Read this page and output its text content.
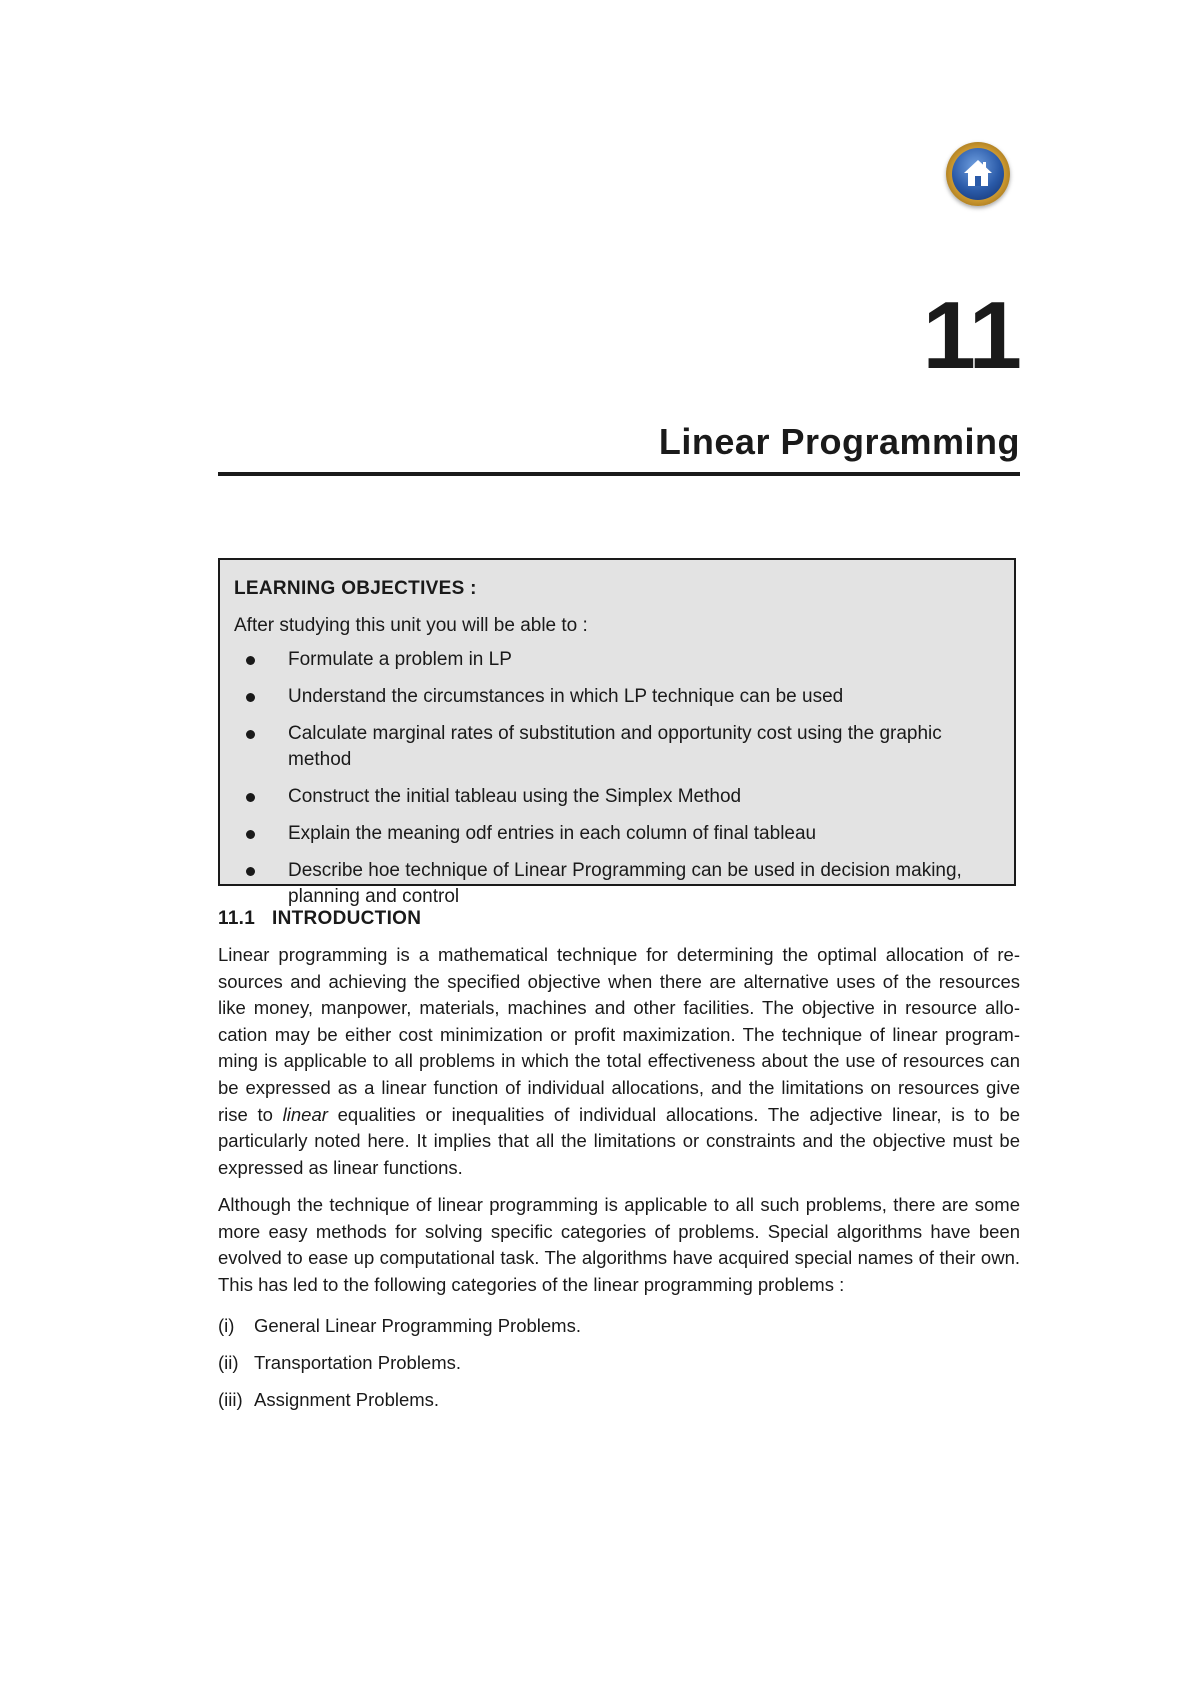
11
Linear Programming
LEARNING OBJECTIVES :
After studying this unit you will be able to :
Formulate a problem in LP
Understand the circumstances in which LP technique can be used
Calculate marginal rates of substitution and opportunity cost using the graphic method
Construct the initial tableau using the Simplex Method
Explain the meaning odf entries in each column of final tableau
Describe hoe technique of Linear Programming can be used in decision making, planning and control
11.1 INTRODUCTION

Linear programming is a mathematical technique for determining the optimal allocation of re-sources and achieving the specified objective when there are alternative uses of the resources like money, manpower, materials, machines and other facilities. The objective in resource allo-cation may be either cost minimization or profit maximization. The technique of linear program-ming is applicable to all problems in which the total effectiveness about the use of resources can be expressed as a linear function of individual allocations, and the limitations on resources give rise to linear equalities or inequalities of individual allocations. The adjective linear, is to be particularly noted here. It implies that all the limitations or constraints and the objective must be expressed as linear functions.

Although the technique of linear programming is applicable to all such problems, there are some more easy methods for solving specific categories of problems. Special algorithms have been evolved to ease up computational task. The algorithms have acquired special names of their own. This has led to the following categories of the linear programming problems :

(i) General Linear Programming Problems.
(ii) Transportation Problems.
(iii) Assignment Problems.
